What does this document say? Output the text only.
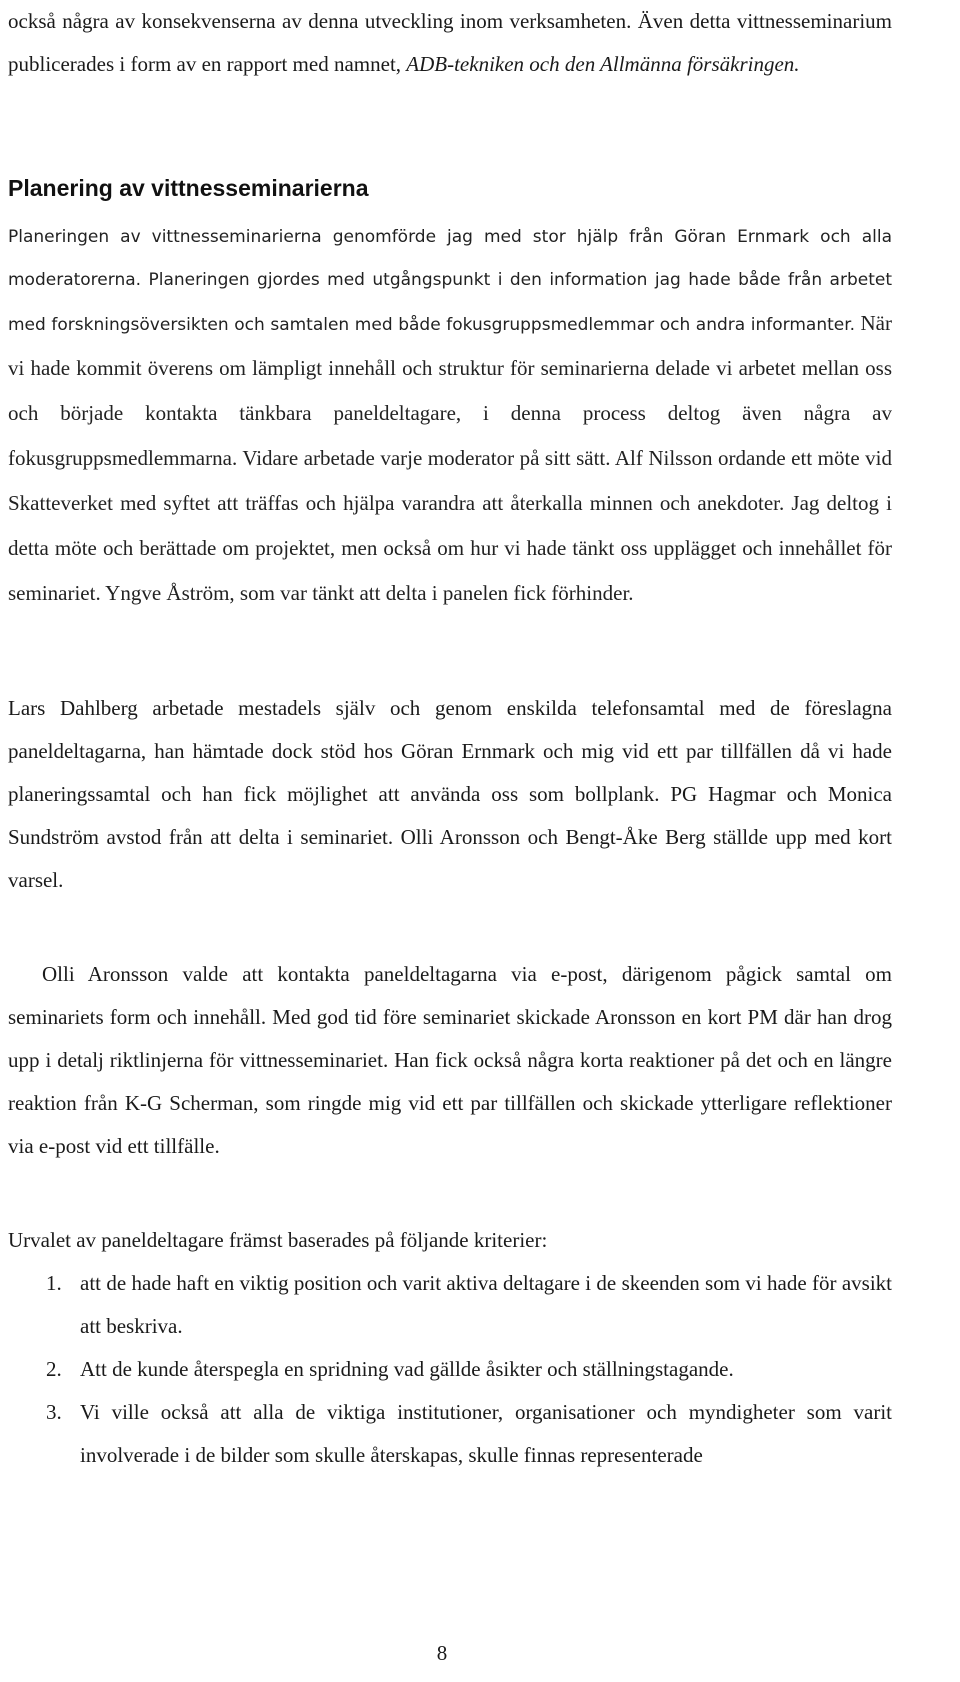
också några av konsekvenserna av denna utveckling inom verksamheten. Även detta vittnesseminarium publicerades i form av en rapport med namnet, ADB-tekniken och den Allmänna försäkringen.

Planering av vittnesseminarierna

Planeringen av vittnesseminarierna genomförde jag med stor hjälp från Göran Ernmark och alla moderatorerna. Planeringen gjordes med utgångspunkt i den information jag hade både från arbetet med forskningsöversikten och samtalen med både fokusgruppsmedlemmar och andra informanter. När vi hade kommit överens om lämpligt innehåll och struktur för seminarierna delade vi arbetet mellan oss och började kontakta tänkbara paneldeltagare, i denna process deltog även några av fokusgruppsmedlemmarna. Vidare arbetade varje moderator på sitt sätt. Alf Nilsson ordande ett möte vid Skatteverket med syftet att träffas och hjälpa varandra att återkalla minnen och anekdoter. Jag deltog i detta möte och berättade om projektet, men också om hur vi hade tänkt oss upplägget och innehållet för seminariet. Yngve Åström, som var tänkt att delta i panelen fick förhinder.

Lars Dahlberg arbetade mestadels själv och genom enskilda telefonsamtal med de föreslagna paneldeltagarna, han hämtade dock stöd hos Göran Ernmark och mig vid ett par tillfällen då vi hade planeringssamtal och han fick möjlighet att använda oss som bollplank. PG Hagmar och Monica Sundström avstod från att delta i seminariet. Olli Aronsson och Bengt-Åke Berg ställde upp med kort varsel.

Olli Aronsson valde att kontakta paneldeltagarna via e-post, därigenom pågick samtal om seminariets form och innehåll. Med god tid före seminariet skickade Aronsson en kort PM där han drog upp i detalj riktlinjerna för vittnesseminariet. Han fick också några korta reaktioner på det och en längre reaktion från K-G Scherman, som ringde mig vid ett par tillfällen och skickade ytterligare reflektioner via e-post vid ett tillfälle.

Urvalet av paneldeltagare främst baserades på följande kriterier:

1. att de hade haft en viktig position och varit aktiva deltagare i de skeenden som vi hade för avsikt att beskriva.
2. Att de kunde återspegla en spridning vad gällde åsikter och ställningstagande.
3. Vi ville också att alla de viktiga institutioner, organisationer och myndigheter som varit involverade i de bilder som skulle återskapas, skulle finnas representerade
8
